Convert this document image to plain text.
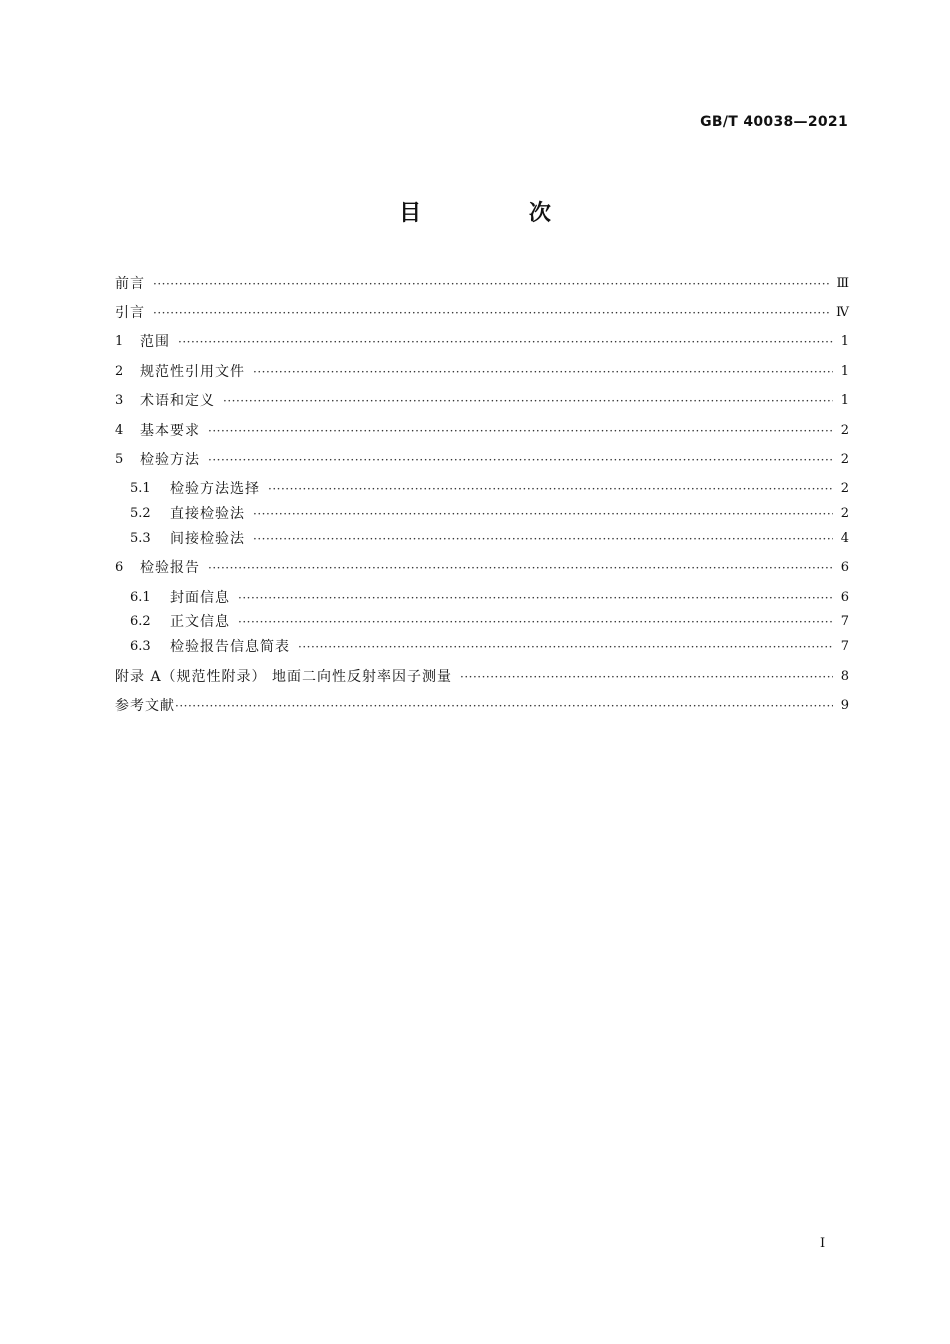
GB/T 40038—2021
目 次
前言 ·····	Ⅲ
引言 ·····	Ⅳ
1	范围 ·····	1
2	规范性引用文件 ·····	1
3	术语和定义 ·····	1
4	基本要求 ·····	2
5	检验方法 ·····	2
5.1	检验方法选择 ·····	2
5.2	直接检验法 ·····	2
5.3	间接检验法 ·····	4
6	检验报告 ·····	6
6.1	封面信息 ·····	6
6.2	正文信息 ·····	7
6.3	检验报告信息简表 ·····	7
附录 A（规范性附录） 地面二向性反射率因子测量 ·····	8
参考文献 ·····	9
I
